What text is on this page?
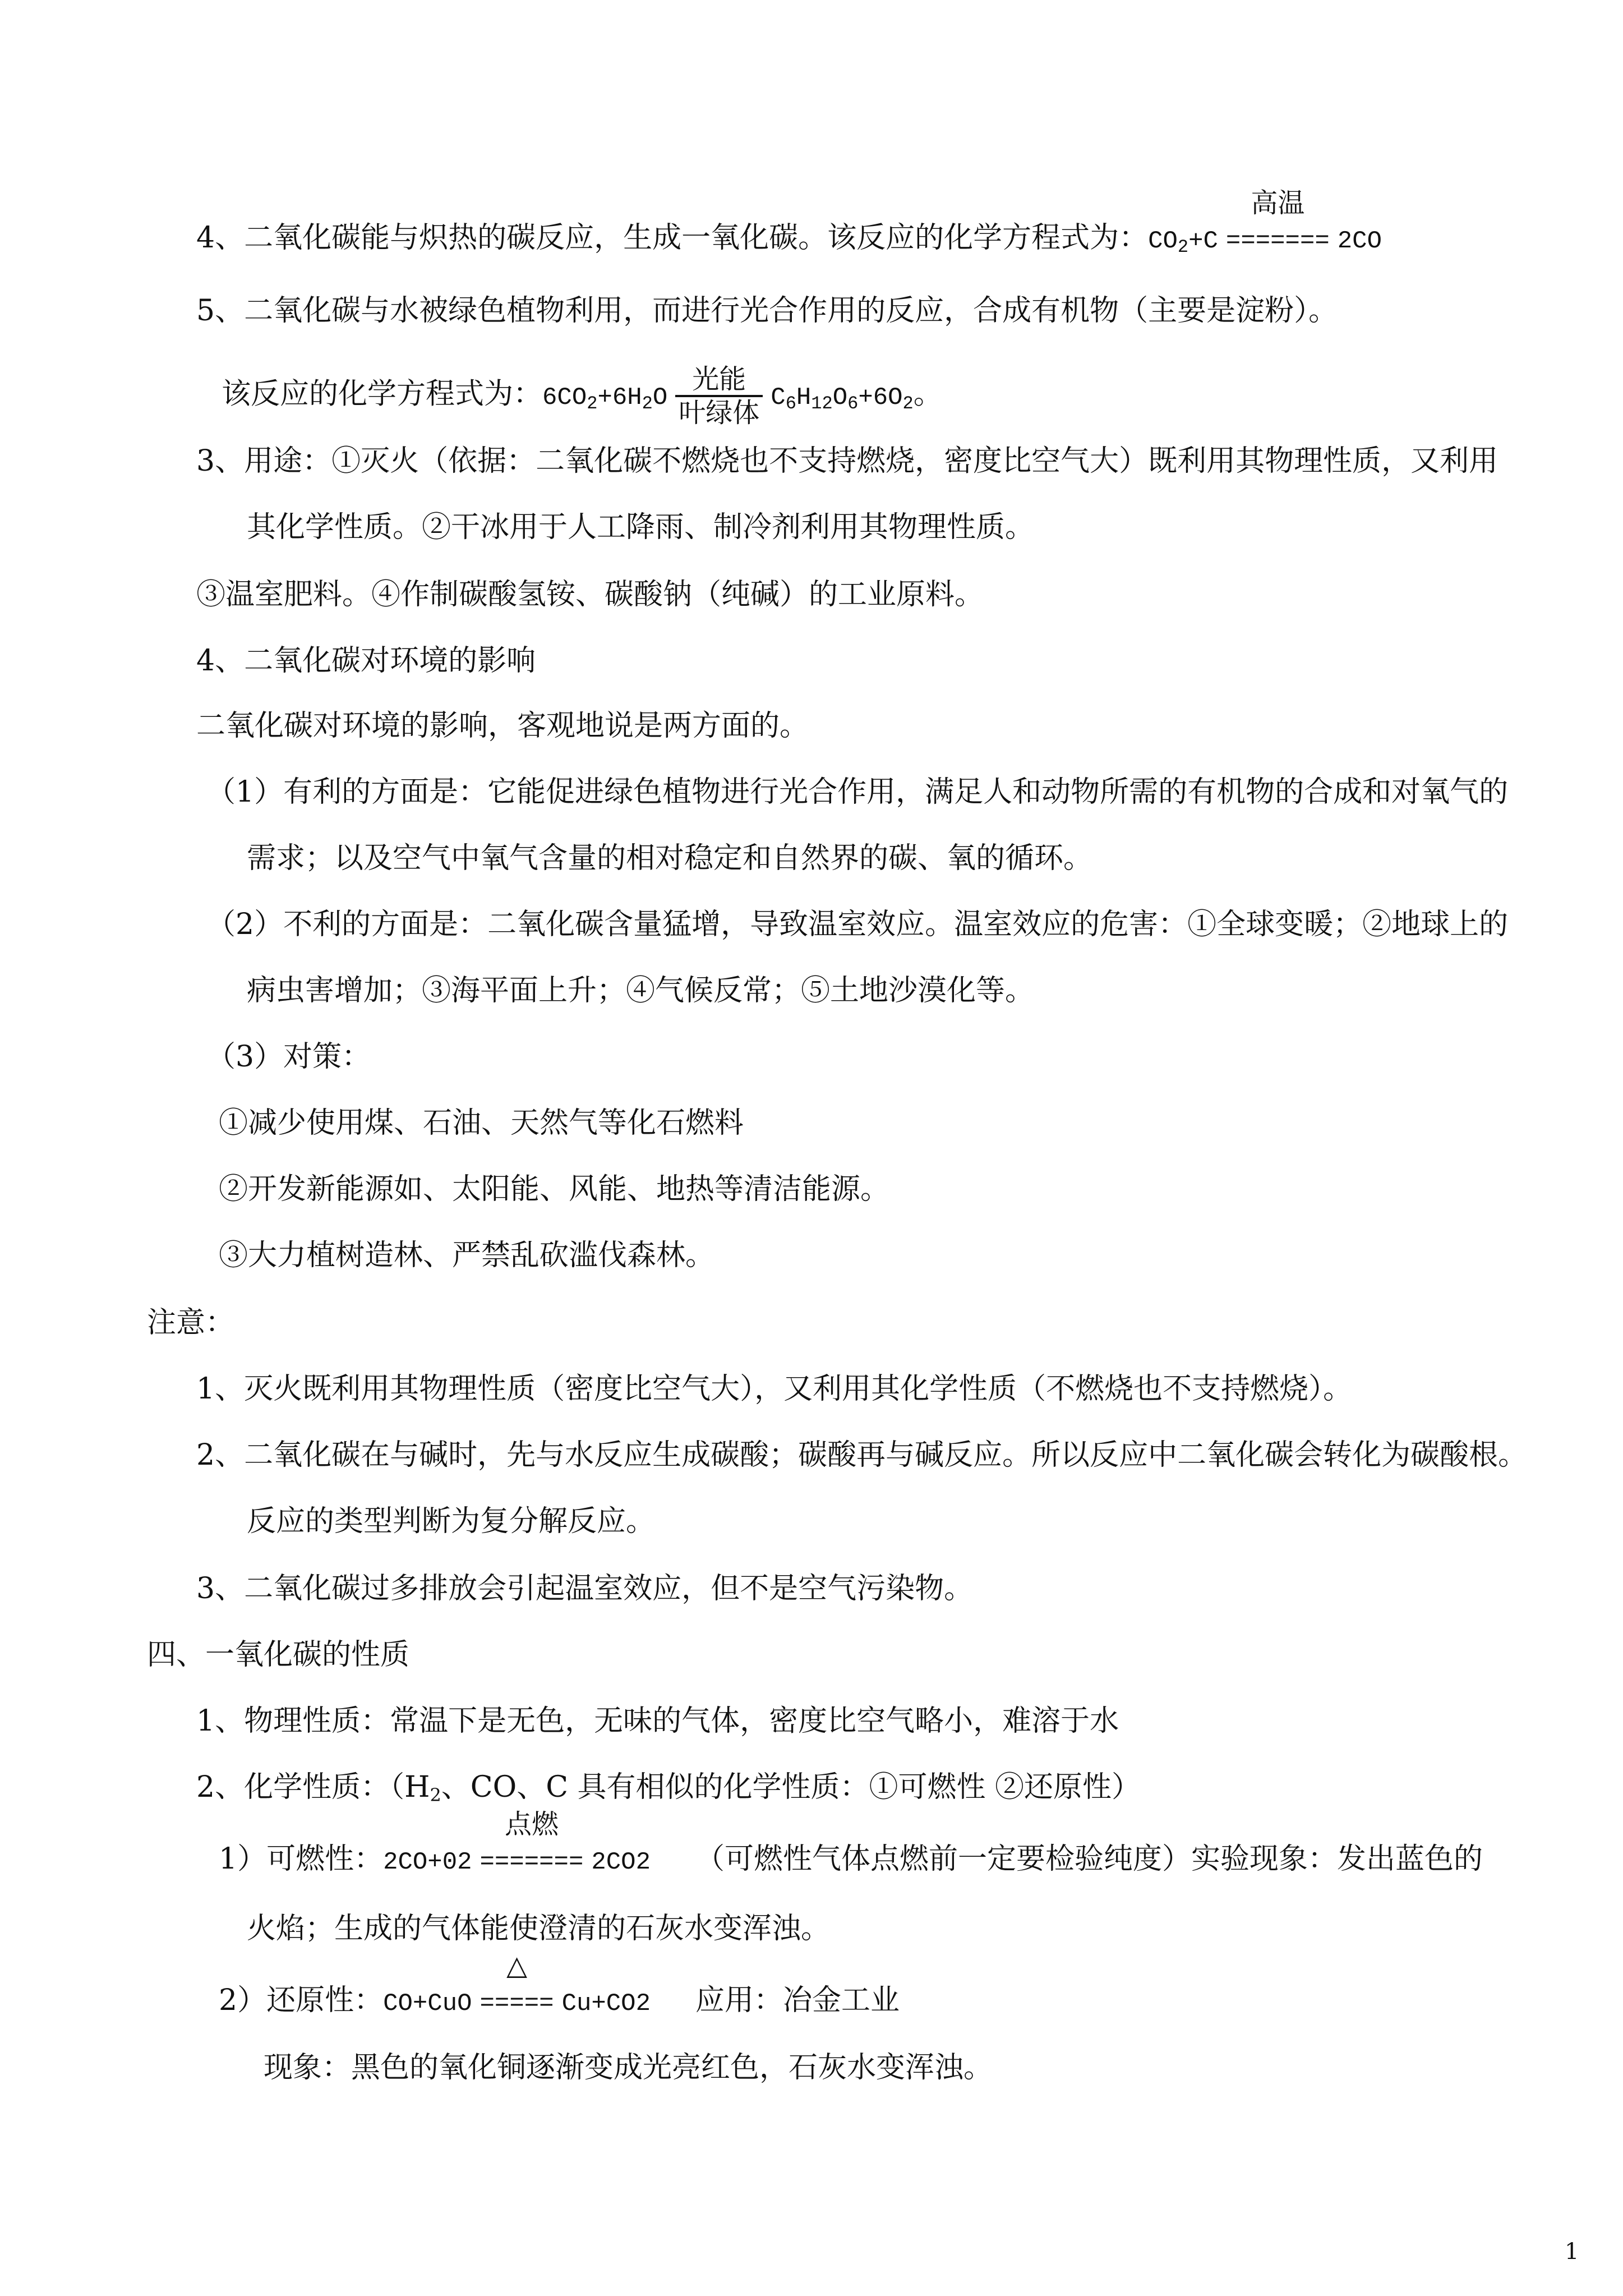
4、二氧化碳能与炽热的碳反应，生成一氧化碳。该反应的化学方程式为：$CO_2+C$
高温
======= 2CO
5、二氧化碳与水被绿色植物利用，而进行光合作用的反应，合成有机物（主要是淀粉）。
该反应的化学方程式为：$6CO_2+6H_2O \frac{\text{光能}}{\text{叶绿体}} C_6H_{12}O_6+6O_2$。
3、用途：①灭火（依据：二氧化碳不燃烧也不支持燃烧，密度比空气大）既利用其物理性质，又利用
其化学性质。②干冰用于人工降雨、制冷剂利用其物理性质。
③温室肥料。④作制碳酸氢铵、碳酸钠（纯碱）的工业原料。
4、二氧化碳对环境的影响
二氧化碳对环境的影响，客观地说是两方面的。
（1）有利的方面是：它能促进绿色植物进行光合作用，满足人和动物所需的有机物的合成和对氧气的
需求；以及空气中氧气含量的相对稳定和自然界的碳、氧的循环。
（2）不利的方面是：二氧化碳含量猛增，导致温室效应。温室效应的危害：①全球变暖；②地球上的
病虫害增加；③海平面上升；④气候反常；⑤土地沙漠化等。
（3）对策：
①减少使用煤、石油、天然气等化石燃料
②开发新能源如、太阳能、风能、地热等清洁能源。
③大力植树造林、严禁乱砍滥伐森林。
注意：
1、灭火既利用其物理性质（密度比空气大），又利用其化学性质（不燃烧也不支持燃烧）。
2、二氧化碳在与碱时，先与水反应生成碳酸；碳酸再与碱反应。所以反应中二氧化碳会转化为碳酸根。
反应的类型判断为复分解反应。
3、二氧化碳过多排放会引起温室效应，但不是空气污染物。
四、一氧化碳的性质
1、物理性质：常温下是无色，无味的气体，密度比空气略小，难溶于水
2、化学性质：（$H_2$、CO、C 具有相似的化学性质：①可燃性 ②还原性）
1）可燃性：2CO+02
点燃
======= 2CO2 （可燃性气体点燃前一定要检验纯度）实验现象：发出蓝色的
火焰；生成的气体能使澄清的石灰水变浑浊。
2）还原性：CO+CuO
△
===== Cu+CO2 应用：冶金工业
现象：黑色的氧化铜逐渐变成光亮红色，石灰水变浑浊。
1
